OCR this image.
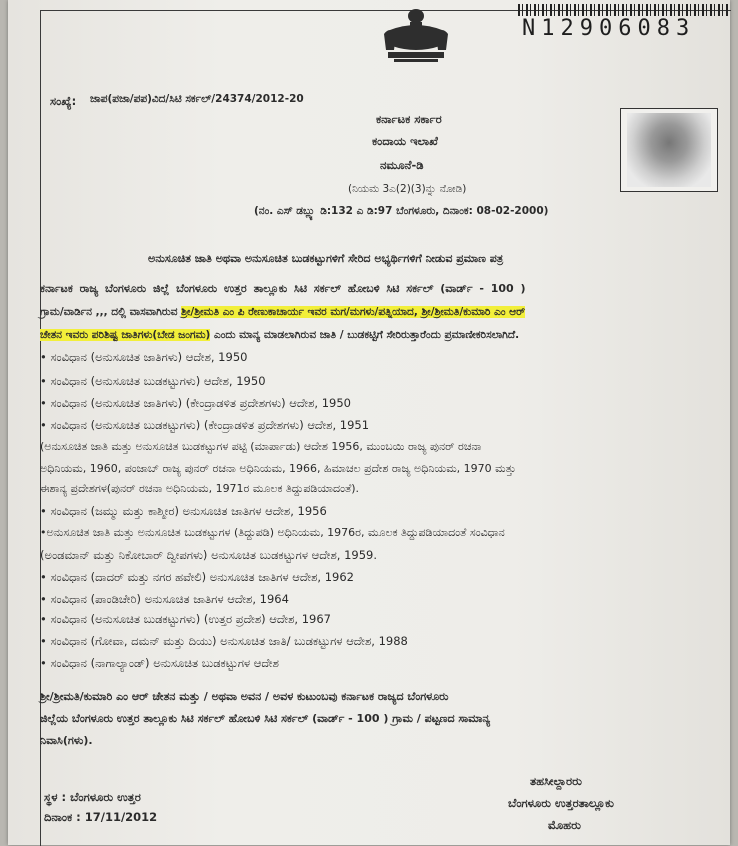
N12906083
ಸಂಖ್ಯೆ: ಜಾಪ(ಪಜಾ/ಪಪ)ವಿದ/ಸಿಟಿ ಸರ್ಕಲ್/24374/2012-20
ಕರ್ನಾಟಕ ಸರ್ಕಾರ
ಕಂದಾಯ ಇಲಾಖೆ
ನಮೂನೆ-ಡಿ
(ನಿಯಮ 3ಎ(2)(3)ನ್ನು ನೋಡಿ)
(ನಂ. ಎಸ್ ಡಬ್ಲ್ಯು ಡಿ:132 ಎ ಡಿ:97 ಬೆಂಗಳೂರು, ದಿನಾಂಕ: 08-02-2000)
ಅನುಸೂಚಿತ ಜಾತಿ ಅಥವಾ ಅನುಸೂಚಿತ ಬುಡಕಟ್ಟುಗಳಿಗೆ ಸೇರಿದ ಅಭ್ಯರ್ಥಿಗಳಿಗೆ ನೀಡುವ ಪ್ರಮಾಣ ಪತ್ರ
ಕರ್ನಾಟಕ ರಾಜ್ಯ ಬೆಂಗಳೂರು ಜಿಲ್ಲೆ ಬೆಂಗಳೂರು ಉತ್ತರ ತಾಲ್ಲೂಕು ಸಿಟಿ ಸರ್ಕಲ್ ಹೋಬಳಿ ಸಿಟಿ ಸರ್ಕಲ್ (ವಾರ್ಡ್ - 100 )
ಗ್ರಾಮ/ವಾರ್ಡಿನ ,,, ದಲ್ಲಿ ವಾಸವಾಗಿರುವ ಶ್ರೀ/ಶ್ರೀಮತಿ ಎಂ ಪಿ ರೇಣುಕಾಚಾರ್ಯ ಇವರ ಮಗ/ಮಗಳು/ಪತ್ನಿಯಾದ, ಶ್ರೀ/ಶ್ರೀಮತಿ/ಕುಮಾರಿ ಎಂ ಆರ್
ಚೇತನ ಇವರು ಪರಿಶಿಷ್ಟ ಜಾತಿಗಳು(ಬೇಡ ಜಂಗಮ) ಎಂದು ಮಾನ್ಯ ಮಾಡಲಾಗಿರುವ ಜಾತಿ / ಬುಡಕಟ್ಟಿಗೆ ಸೇರಿರುತ್ತಾರೆಂದು ಪ್ರಮಾಣೀಕರಿಸಲಾಗಿದೆ.
• ಸಂವಿಧಾನ (ಅನುಸೂಚಿತ ಜಾತಿಗಳು) ಆದೇಶ, 1950
• ಸಂವಿಧಾನ (ಅನುಸೂಚಿತ ಬುಡಕಟ್ಟುಗಳು) ಆದೇಶ, 1950
• ಸಂವಿಧಾನ (ಅನುಸೂಚಿತ ಜಾತಿಗಳು) (ಕೇಂದ್ರಾಡಳಿತ ಪ್ರದೇಶಗಳು) ಆದೇಶ, 1950
• ಸಂವಿಧಾನ (ಅನುಸೂಚಿತ ಬುಡಕಟ್ಟುಗಳು) (ಕೇಂದ್ರಾಡಳಿತ ಪ್ರದೇಶಗಳು) ಆದೇಶ, 1951
(ಅನುಸೂಚಿತ ಜಾತಿ ಮತ್ತು ಅನುಸೂಚಿತ ಬುಡಕಟ್ಟುಗಳ ಪಟ್ಟಿ (ಮಾರ್ಪಾಡು) ಆದೇಶ 1956, ಮುಂಬಯಿ ರಾಜ್ಯ ಪುನರ್ ರಚನಾ
ಅಧಿನಿಯಮ, 1960, ಪಂಜಾಬ್ ರಾಜ್ಯ ಪುನರ್ ರಚನಾ ಅಧಿನಿಯಮ, 1966, ಹಿಮಾಚಲ ಪ್ರದೇಶ ರಾಜ್ಯ ಅಧಿನಿಯಮ, 1970 ಮತ್ತು
ಈಶಾನ್ಯ ಪ್ರದೇಶಗಳ(ಪುನರ್ ರಚನಾ ಅಧಿನಿಯಮ, 1971ರ ಮೂಲಕ ತಿದ್ದುಪಡಿಯಾದಂತೆ).
• ಸಂವಿಧಾನ (ಜಮ್ಮು ಮತ್ತು ಕಾಶ್ಮೀರ) ಅನುಸೂಚಿತ ಜಾತಿಗಳ ಆದೇಶ, 1956
•ಅನುಸೂಚಿತ ಜಾತಿ ಮತ್ತು ಅನುಸೂಚಿತ ಬುಡಕಟ್ಟುಗಳ (ತಿದ್ದುಪಡಿ) ಅಧಿನಿಯಮ, 1976ರ, ಮೂಲಕ ತಿದ್ದುಪಡಿಯಾದಂತೆ ಸಂವಿಧಾನ
(ಅಂಡಮಾನ್ ಮತ್ತು ನಿಕೋಬಾರ್ ದ್ವೀಪಗಳು) ಅನುಸೂಚಿತ ಬುಡಕಟ್ಟುಗಳ ಆದೇಶ, 1959.
• ಸಂವಿಧಾನ (ದಾದರ್ ಮತ್ತು ನಗರ ಹವೇಲಿ) ಅನುಸೂಚಿತ ಜಾತಿಗಳ ಆದೇಶ, 1962
• ಸಂವಿಧಾನ (ಪಾಂಡಿಚೇರಿ) ಅನುಸೂಚಿತ ಜಾತಿಗಳ ಆದೇಶ, 1964
• ಸಂವಿಧಾನ (ಅನುಸೂಚಿತ ಬುಡಕಟ್ಟುಗಳು) (ಉತ್ತರ ಪ್ರದೇಶ) ಆದೇಶ, 1967
• ಸಂವಿಧಾನ (ಗೋವಾ, ದಮನ್ ಮತ್ತು ದಿಯು) ಅನುಸೂಚಿತ ಜಾತಿ/ ಬುಡಕಟ್ಟುಗಳ ಆದೇಶ, 1988
• ಸಂವಿಧಾನ (ನಾಗಾಲ್ಯಾಂಡ್) ಅನುಸೂಚಿತ ಬುಡಕಟ್ಟುಗಳ ಆದೇಶ
ಶ್ರೀ/ಶ್ರೀಮತಿ/ಕುಮಾರಿ ಎಂ ಆರ್ ಚೇತನ ಮತ್ತು / ಅಥವಾ ಅವನ / ಅವಳ ಕುಟುಂಬವು ಕರ್ನಾಟಕ ರಾಜ್ಯದ ಬೆಂಗಳೂರು
ಜಿಲ್ಲೆಯ ಬೆಂಗಳೂರು ಉತ್ತರ ತಾಲ್ಲೂಕು ಸಿಟಿ ಸರ್ಕಲ್ ಹೋಬಳಿ ಸಿಟಿ ಸರ್ಕಲ್ (ವಾರ್ಡ್ - 100 ) ಗ್ರಾಮ / ಪಟ್ಟಣದ ಸಾಮಾನ್ಯ
ನಿವಾಸಿ(ಗಳು).
ತಹಸೀಲ್ದಾರರು
ಸ್ಥಳ : ಬೆಂಗಳೂರು ಉತ್ತರ	ಬೆಂಗಳೂರು ಉತ್ತರತಾಲ್ಲೂಕು
ದಿನಾಂಕ : 17/11/2012
ಮೊಹರು
